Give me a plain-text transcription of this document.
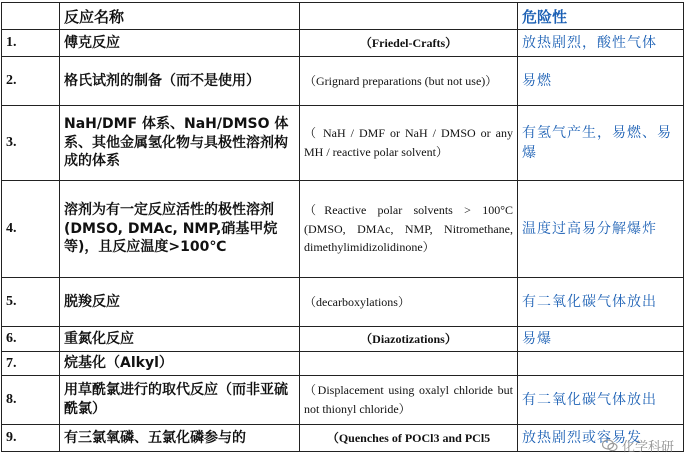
	反应名称		危险性
1.	傅克反应	（Friedel-Crafts）	放热剧烈，酸性气体
2.	格氏试剂的制备（而不是使用）	（Grignard preparations (but not use)）	易燃
3.	NaH/DMF 体系、NaH/DMSO 体系、其他金属氢化物与具极性溶剂构成的体系	（ NaH / DMF or NaH / DMSO or any MH / reactive polar solvent）	有氢气产生，易燃、易爆
4.	溶剂为有一定反应活性的极性溶剂(DMSO, DMAc, NMP,硝基甲烷等)，且反应温度>100℃	（Reactive polar solvents > 100°C (DMSO, DMAc, NMP, Nitromethane, dimethylimidizolidinone）	温度过高易分解爆炸
5.	脱羧反应	（decarboxylations）	有二氧化碳气体放出
6.	重氮化反应	（Diazotizations）	易爆
7.	烷基化（Alkyl）		
8.	用草酰氯进行的取代反应（而非亚硫酰氯）	（Displacement using oxalyl chloride but not thionyl chloride）	有二氧化碳气体放出
9.	有三氯氧磷、五氯化磷参与的	（Quenches of POCl3 and PCl5	放热剧烈或容易发
化学科研
